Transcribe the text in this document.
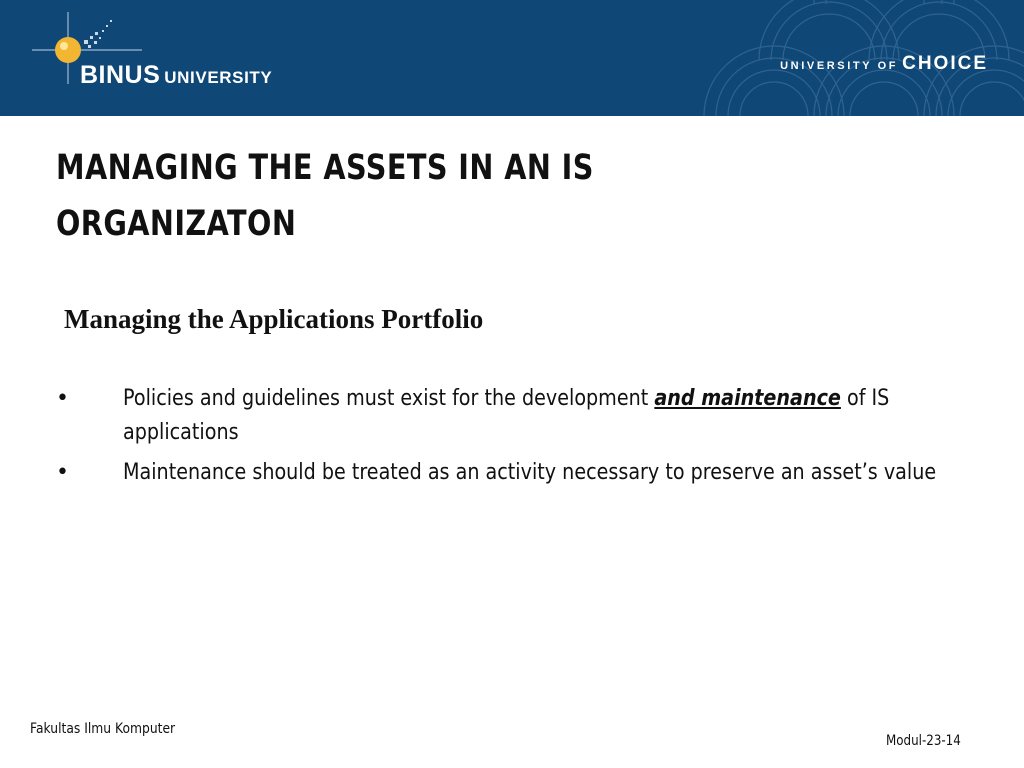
BINUS UNIVERSITY
UNIVERSITY OF CHOICE
MANAGING THE ASSETS IN AN IS
ORGANIZATON
Managing the Applications Portfolio
• Policies and guidelines must exist for the development and maintenance of IS applications
• Maintenance should be treated as an activity necessary to preserve an asset’s value
Fakultas Ilmu Komputer
Modul-23-14
